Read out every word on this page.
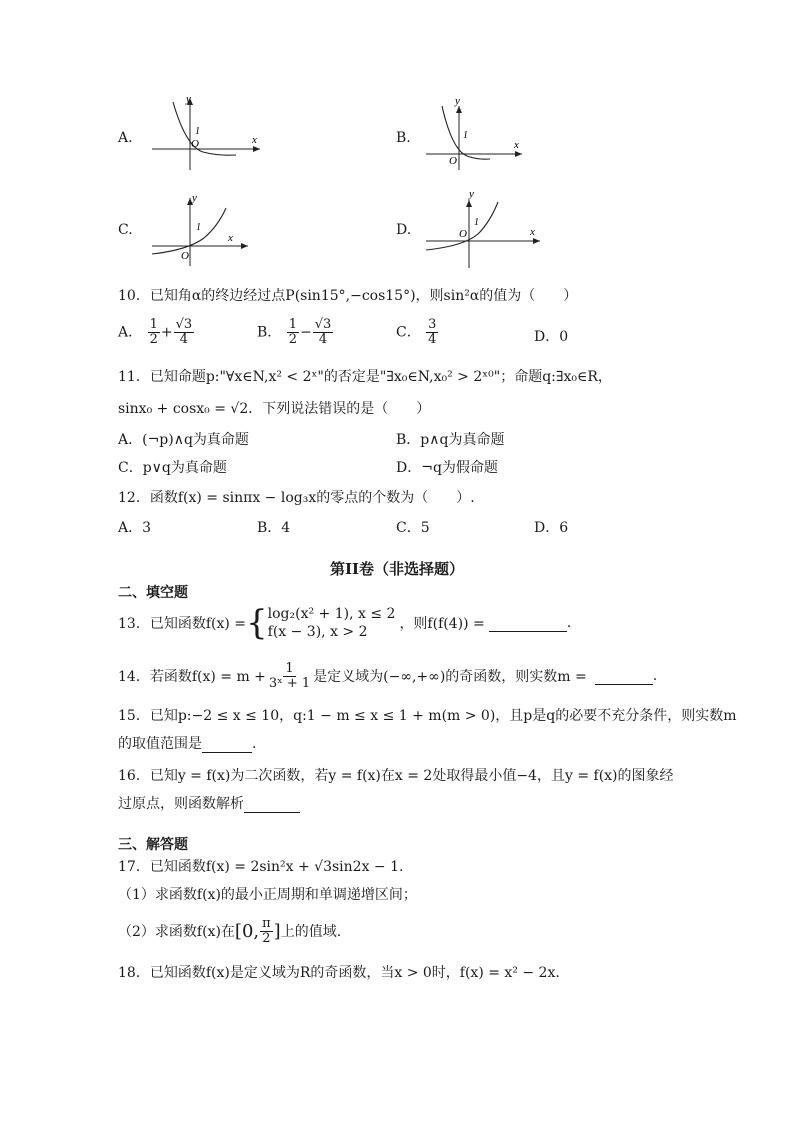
A.
y
x
1
O	B.
y
x
1
O
C.
y
x
1
O
D.
y
x
1
O
10．已知角α的终边经过点P(sin15°,−cos15°)，则sin²α的值为（　　）
A． $\frac{1}{2} + \frac{√3}{4}$	B． $\frac{1}{2} - \frac{√3}{4}$	C． $\frac{3}{4}$	D．0
11．已知命题p:"∀x∈N,x² < 2ˣ"的否定是"∃x₀∈N,x₀² > 2ˣ⁰"；命题q:∃x₀∈R，
sinx₀ + cosx₀ = √2．下列说法错误的是（　　）
A．(¬p)∧q为真命题	B．p∧q为真命题
C．p∨q为真命题	D．¬q为假命题
12．函数f(x) = sinπx − log₃x的零点的个数为（　　）.
A．3	B．4	C．5	D．6
第II卷（非选择题）
二、填空题
13．已知函数f(x) = { log₂(x² + 1), x ≤ 2
f(x − 3), x > 2	，则f(f(4)) =
	.
14．若函数$f(x) = m + \frac{1}{\text{3ˣ + 1}}$ 是定义域为(−∞,+∞)的奇函数，则实数m =
	.
15．已知p:−2 ≤ x ≤ 10，q:1 − m ≤ x ≤ 1 + m(m > 0)，且p是q的必要不充分条件，则实数m
的取值范围是	.
16．已知y = f(x)为二次函数，若y = f(x)在x = 2处取得最小值−4，且y = f(x)的图象经
过原点，则函数解析
三、解答题
17．已知函数f(x) = 2sin²x + √3sin2x − 1.
（1）求函数f(x)的最小正周期和单调递增区间；
（2）求函数f(x)在 [0, $\frac{\pi}{2}$ ] 上的值域.
18．已知函数f(x)是定义域为R的奇函数，当x > 0时，f(x) = x² − 2x.
